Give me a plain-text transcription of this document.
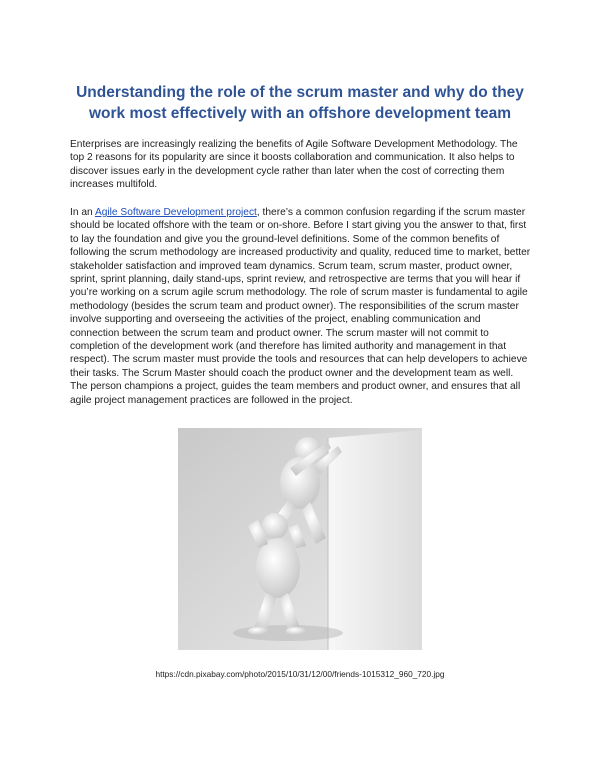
Understanding the role of the scrum master and why do they work most effectively with an offshore development team
Enterprises are increasingly realizing the benefits of Agile Software Development Methodology. The top 2 reasons for its popularity are since it boosts collaboration and communication. It also helps to discover issues early in the development cycle rather than later when the cost of correcting them increases multifold.
In an Agile Software Development project, there’s a common confusion regarding if the scrum master should be located offshore with the team or on-shore. Before I start giving you the answer to that, first to lay the foundation and give you the ground-level definitions. Some of the common benefits of following the scrum methodology are increased productivity and quality, reduced time to market, better stakeholder satisfaction and improved team dynamics. Scrum team, scrum master, product owner, sprint, sprint planning, daily stand-ups, sprint review, and retrospective are terms that you will hear if you’re working on a scrum agile scrum methodology. The role of scrum master is fundamental to agile methodology (besides the scrum team and product owner). The responsibilities of the scrum master involve supporting and overseeing the activities of the project, enabling communication and connection between the scrum team and product owner. The scrum master will not commit to completion of the development work (and therefore has limited authority and management in that respect). The scrum master must provide the tools and resources that can help developers to achieve their tasks. The Scrum Master should coach the product owner and the development team as well. The person champions a project, guides the team members and product owner, and ensures that all agile project management practices are followed in the project.
https://cdn.pixabay.com/photo/2015/10/31/12/00/friends-1015312_960_720.jpg
